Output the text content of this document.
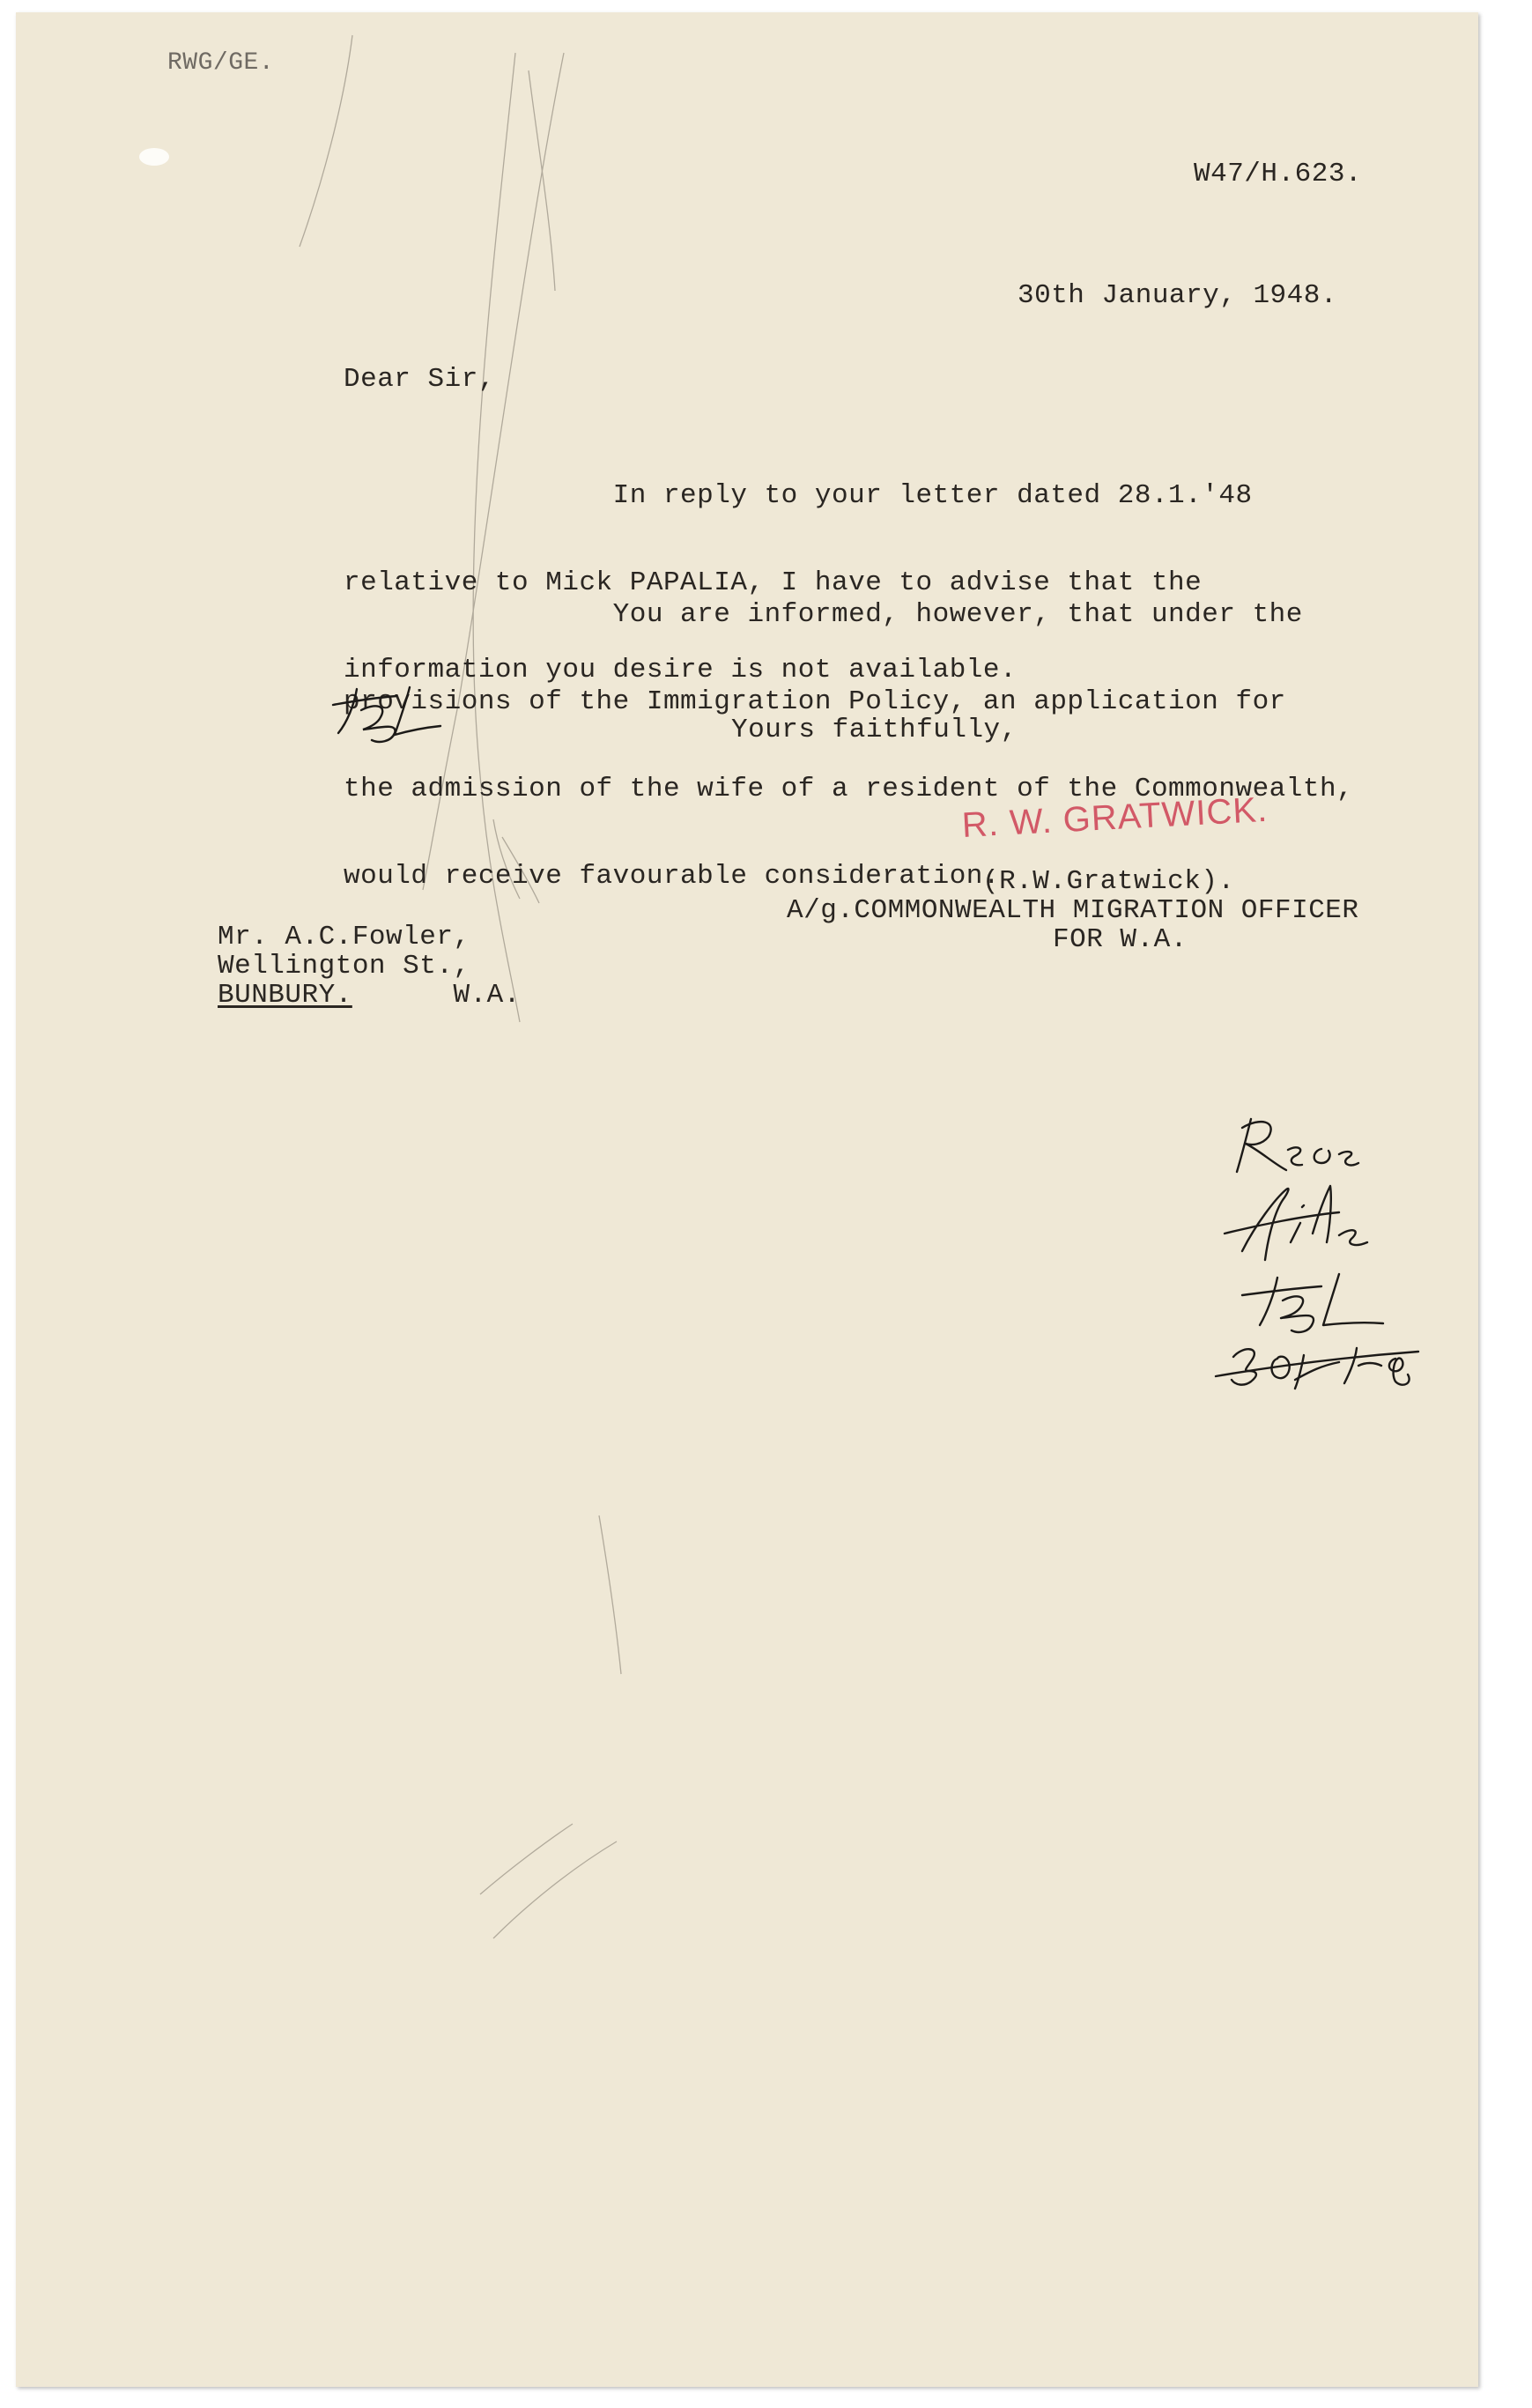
RWG/GE.

W47/H.623.

30th January, 1948.

Dear Sir,

In reply to your letter dated 28.1.'48

relative to Mick PAPALIA, I have to advise that the

information you desire is not available.

You are informed, however, that under the

provisions of the Immigration Policy, an application for

the admission of the wife of a resident of the Commonwealth,

would receive favourable consideration.

Yours faithfully,

R. W. GRATWICK.

(R.W.Gratwick).

A/g.COMMONWEALTH MIGRATION OFFICER

FOR W.A.

Mr. A.C.Fowler,
Wellington St.,
BUNBURY.	W.A.
